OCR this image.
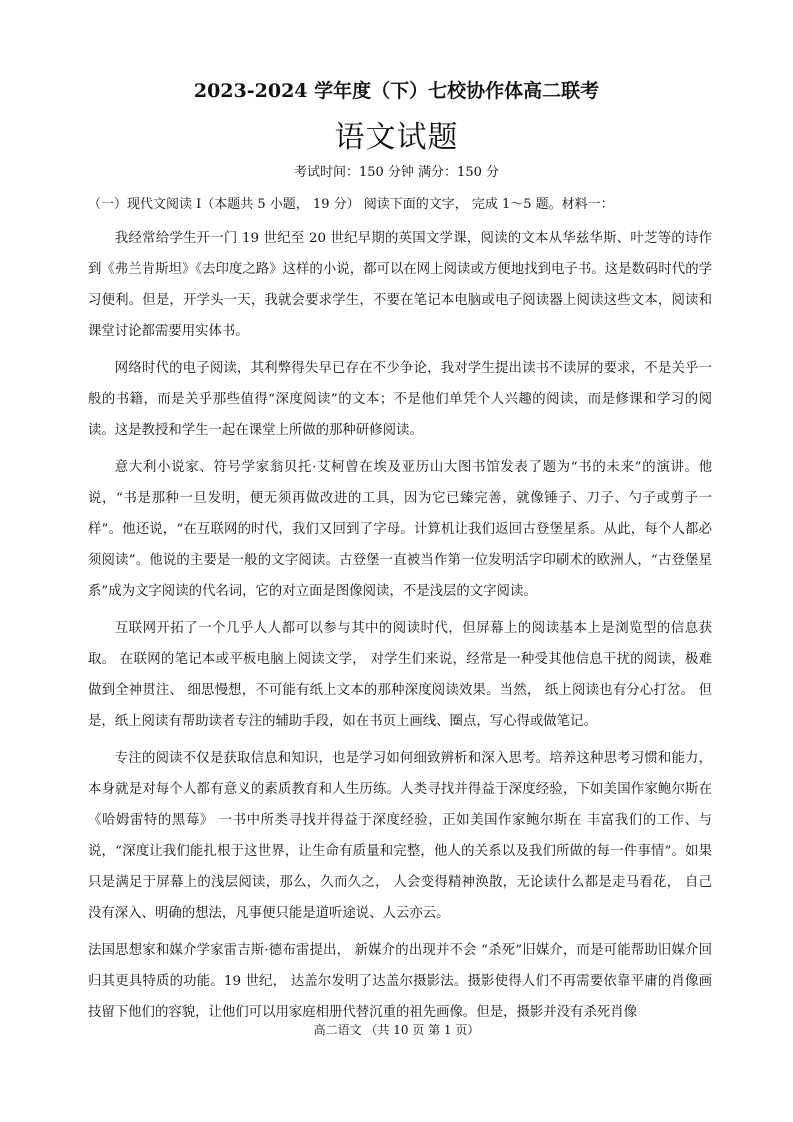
2023-2024 学年度（下）七校协作体高二联考
语文试题
考试时间：150 分钟 满分：150 分
（一）现代文阅读 I（本题共 5 小题， 19 分） 阅读下面的文字， 完成 1～5 题。材料一：

我经常给学生开一门 19 世纪至 20 世纪早期的英国文学课，阅读的文本从华兹华斯、叶芝等的诗作到《弗兰肯斯坦》《去印度之路》这样的小说，都可以在网上阅读或方便地找到电子书。这是数码时代的学习便利。但是，开学头一天，我就会要求学生，不要在笔记本电脑或电子阅读器上阅读这些文本，阅读和课堂讨论都需要用实体书。

网络时代的电子阅读，其利弊得失早已存在不少争论，我对学生提出读书不读屏的要求，不是关乎一般的书籍，而是关乎那些值得“深度阅读”的文本；不是他们单凭个人兴趣的阅读，而是修课和学习的阅读。这是教授和学生一起在课堂上所做的那种研修阅读。

意大利小说家、符号学家翁贝托·艾柯曾在埃及亚历山大图书馆发表了题为“书的未来”的演讲。他说，“书是那种一旦发明，便无须再做改进的工具，因为它已臻完善，就像锤子、刀子、勺子或剪子一样”。他还说，“在互联网的时代，我们又回到了字母。计算机让我们返回古登堡星系。从此，每个人都必须阅读”。他说的主要是一般的文字阅读。古登堡一直被当作第一位发明活字印刷术的欧洲人，“古登堡星系”成为文字阅读的代名词，它的对立面是图像阅读，不是浅层的文字阅读。

互联网开拓了一个几乎人人都可以参与其中的阅读时代，但屏幕上的阅读基本上是浏览型的信息获取。 在联网的笔记本或平板电脑上阅读文学， 对学生们来说，经常是一种受其他信息干扰的阅读，极难做到全神贯注、 细思慢想，不可能有纸上文本的那种深度阅读效果。当然， 纸上阅读也有分心打岔。 但是，纸上阅读有帮助读者专注的辅助手段，如在书页上画线、圈点，写心得或做笔记。

专注的阅读不仅是获取信息和知识，也是学习如何细致辨析和深入思考。培养这种思考习惯和能力，本身就是对每个人都有意义的素质教育和人生历练。人类寻找并得益于深度经验，下如美国作家鲍尔斯在《哈姆雷特的黑莓》 一书中所类寻找并得益于深度经验，正如美国作家鲍尔斯在 丰富我们的工作、与说，“深度让我们能扎根于这世界，让生命有质量和完整，他人的关系以及我们所做的每一件事情”。如果只是满足于屏幕上的浅层阅读，那么，久而久之， 人会变得精神涣散，无论读什么都是走马看花， 自己没有深入、明确的想法，凡事便只能是道听途说、人云亦云。

法国思想家和媒介学家雷吉斯·德布雷提出， 新媒介的出现并不会 “杀死”旧媒介，而是可能帮助旧媒介回归其更具特质的功能。19 世纪， 达盖尔发明了达盖尔摄影法。摄影使得人们不再需要依靠平庸的肖像画技留下他们的容貌，让他们可以用家庭相册代替沉重的祖先画像。但是，摄影并没有杀死肖像

高二语文 （共 10 页 第 1 页）
